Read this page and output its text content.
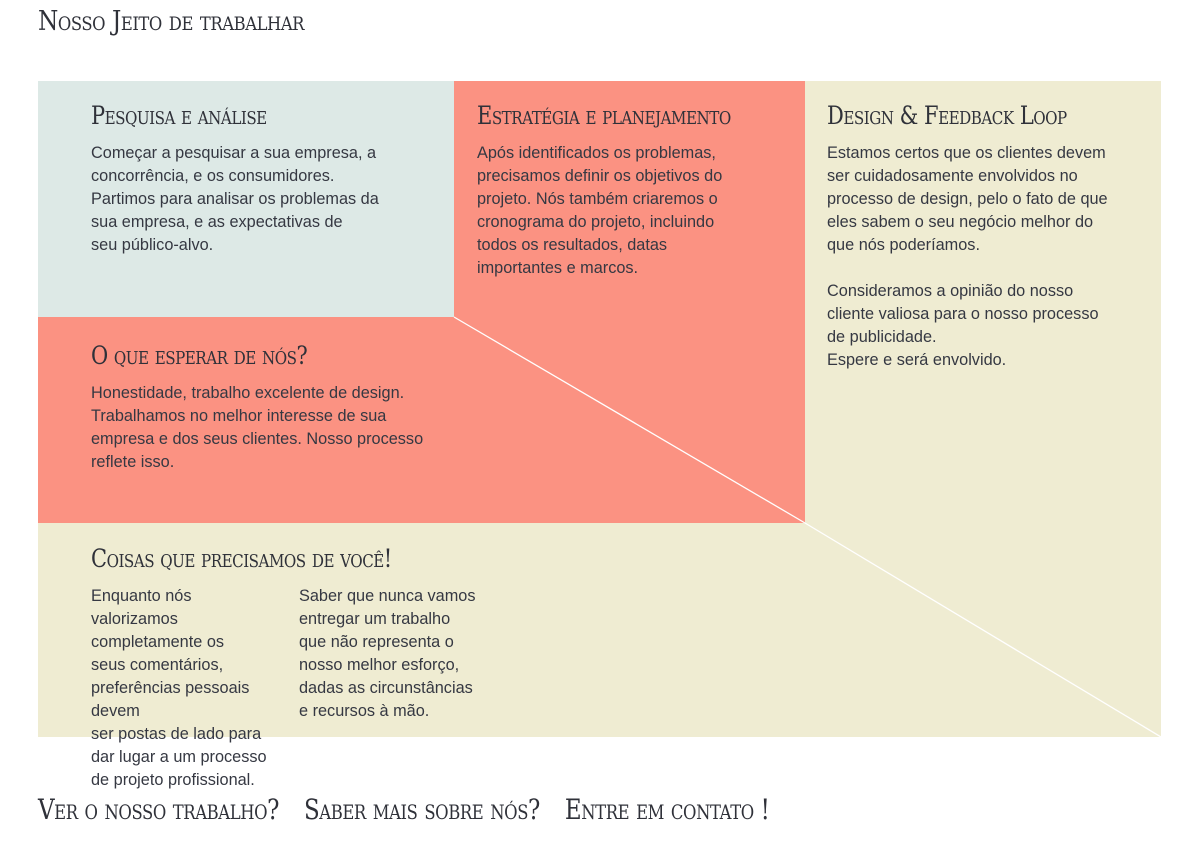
Nosso Jeito de trabalhar
Pesquisa e análise

Começar a pesquisar a sua empresa, a
concorrência, e os consumidores.
Partimos para analisar os problemas da
sua empresa, e as expectativas de
seu público-alvo.

Estratégia e planejamento

Após identificados os problemas,
precisamos definir os objetivos do
projeto. Nós também criaremos o
cronograma do projeto, incluindo
todos os resultados, datas
importantes e marcos.

Design & Feedback Loop

Estamos certos que os clientes devem
ser cuidadosamente envolvidos no
processo de design, pelo o fato de que
eles sabem o seu negócio melhor do
que nós poderíamos.

Consideramos a opinião do nosso
cliente valiosa para o nosso processo
de publicidade.
Espere e será envolvido.

O que esperar de nós?

Honestidade, trabalho excelente de design.
Trabalhamos no melhor interesse de sua
empresa e dos seus clientes. Nosso processo
reflete isso.

Coisas que precisamos de você!

Enquanto nós valorizamos completamente os
seus comentários, preferências pessoais devem
ser postas de lado para dar lugar a um processo
de projeto profissional.

Saber que nunca vamos entregar um trabalho
que não representa o nosso melhor esforço,
dadas as circunstâncias e recursos à mão.

Ver o nosso trabalho? Saber mais sobre nós? Entre em contato !
